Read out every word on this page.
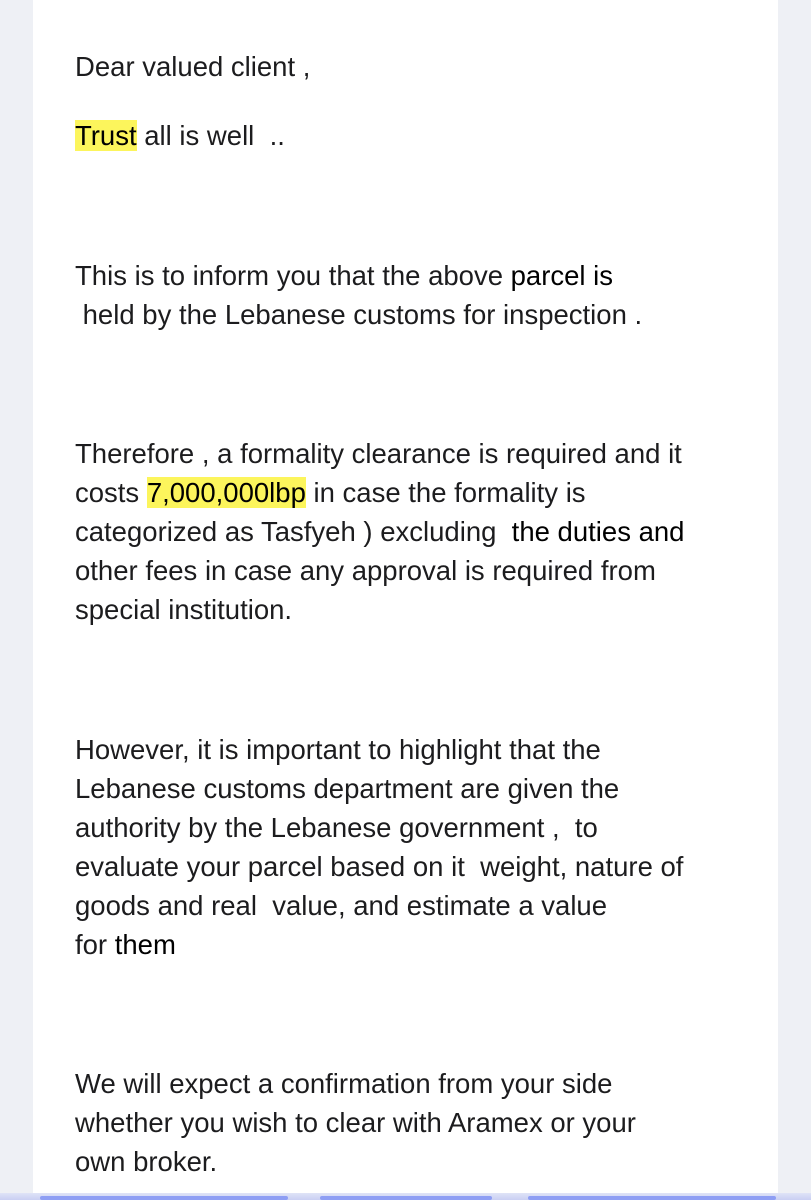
Dear valued client ,

Trust all is well  ..

This is to inform you that the above parcel is

held by the Lebanese customs for inspection .

Therefore , a formality clearance is required and it

costs 7,000,000lbp in case the formality is

categorized as Tasfyeh ) excluding  the duties and

other fees in case any approval is required from

special institution.

However, it is important to highlight that the

Lebanese customs department are given the

authority by the Lebanese government ,  to

evaluate your parcel based on it  weight, nature of

goods and real  value, and estimate a value

for them

We will expect a confirmation from your side

whether you wish to clear with Aramex or your

own broker.
